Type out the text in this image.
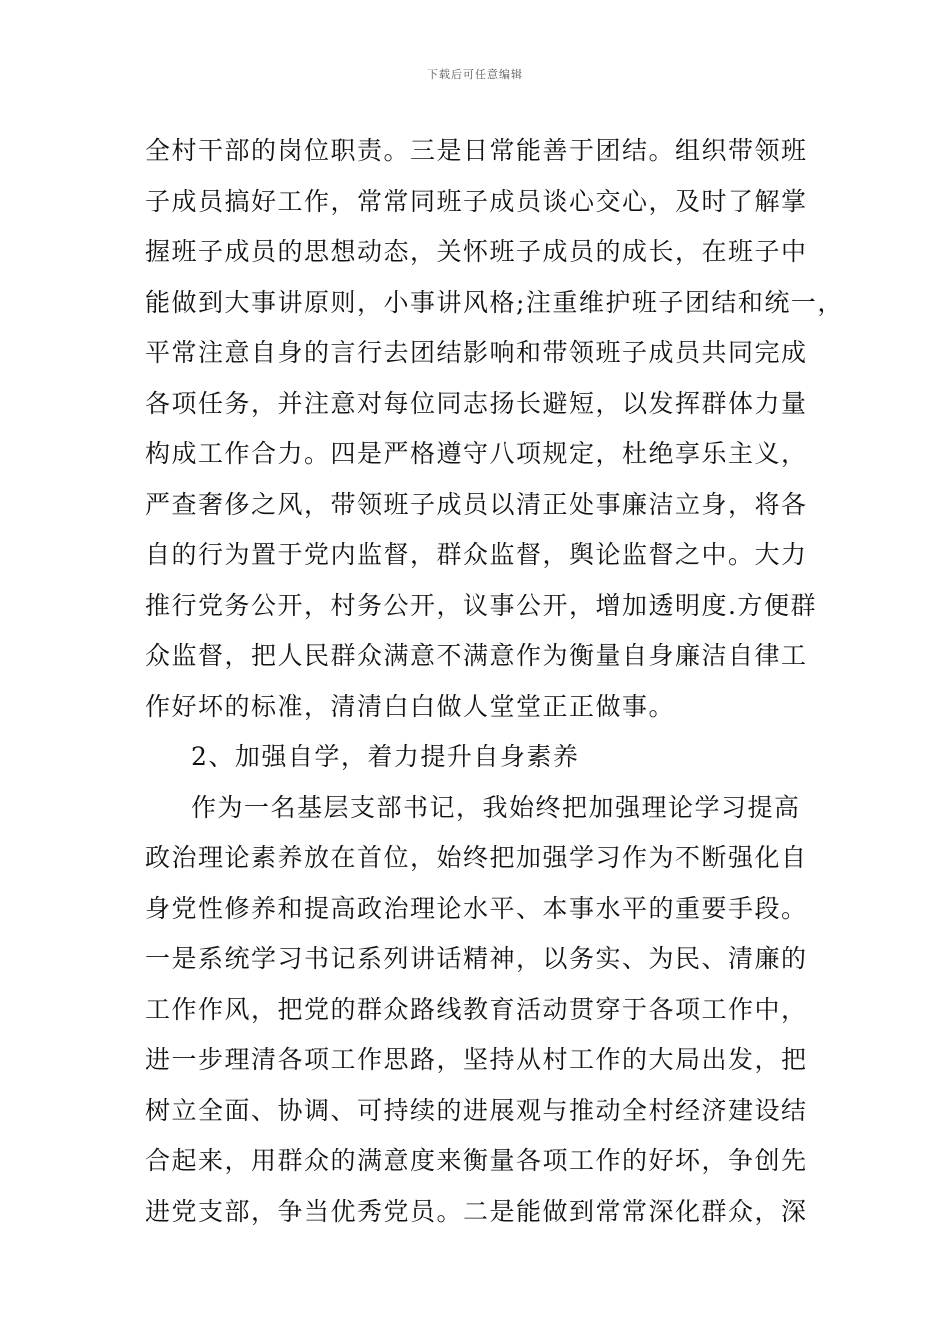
下载后可任意编辑
全村干部的岗位职责。三是日常能善于团结。组织带领班
子成员搞好工作，常常同班子成员谈心交心，及时了解掌
握班子成员的思想动态，关怀班子成员的成长，在班子中
能做到大事讲原则，小事讲风格;注重维护班子团结和统一，
平常注意自身的言行去团结影响和带领班子成员共同完成
各项任务，并注意对每位同志扬长避短，以发挥群体力量
构成工作合力。四是严格遵守八项规定，杜绝享乐主义，
严查奢侈之风，带领班子成员以清正处事廉洁立身，将各
自的行为置于党内监督，群众监督，舆论监督之中。大力
推行党务公开，村务公开，议事公开，增加透明度.方便群
众监督，把人民群众满意不满意作为衡量自身廉洁自律工
作好坏的标准，清清白白做人堂堂正正做事。
2、加强自学，着力提升自身素养
作为一名基层支部书记，我始终把加强理论学习提高
政治理论素养放在首位，始终把加强学习作为不断强化自
身党性修养和提高政治理论水平、本事水平的重要手段。
一是系统学习书记系列讲话精神，以务实、为民、清廉的
工作作风，把党的群众路线教育活动贯穿于各项工作中，
进一步理清各项工作思路，坚持从村工作的大局出发，把
树立全面、协调、可持续的进展观与推动全村经济建设结
合起来，用群众的满意度来衡量各项工作的好坏，争创先
进党支部，争当优秀党员。二是能做到常常深化群众，深
